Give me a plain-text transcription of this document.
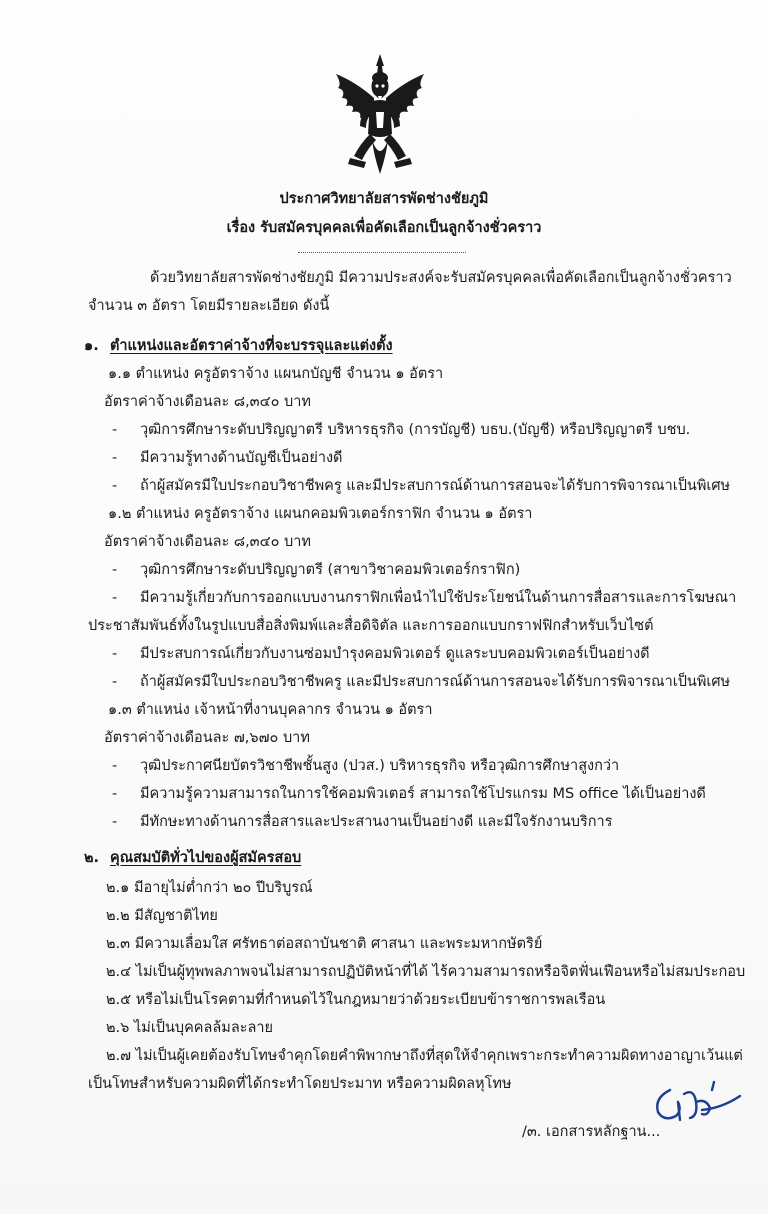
ประกาศวิทยาลัยสารพัดช่างชัยภูมิ
เรื่อง รับสมัครบุคคลเพื่อคัดเลือกเป็นลูกจ้างชั่วคราว
ด้วยวิทยาลัยสารพัดช่างชัยภูมิ มีความประสงค์จะรับสมัครบุคคลเพื่อคัดเลือกเป็นลูกจ้างชั่วคราว
จำนวน ๓ อัตรา โดยมีรายละเอียด ดังนี้
๑. ตำแหน่งและอัตราค่าจ้างที่จะบรรจุและแต่งตั้ง
๑.๑ ตำแหน่ง ครูอัตราจ้าง แผนกบัญชี จำนวน ๑ อัตรา
อัตราค่าจ้างเดือนละ ๘,๓๔๐ บาท
- วุฒิการศึกษาระดับปริญญาตรี บริหารธุรกิจ (การบัญชี) บธบ.(บัญชี) หรือปริญญาตรี บชบ.
- มีความรู้ทางด้านบัญชีเป็นอย่างดี
- ถ้าผู้สมัครมีใบประกอบวิชาชีพครู และมีประสบการณ์ด้านการสอนจะได้รับการพิจารณาเป็นพิเศษ
๑.๒ ตำแหน่ง ครูอัตราจ้าง แผนกคอมพิวเตอร์กราฟิก จำนวน ๑ อัตรา
อัตราค่าจ้างเดือนละ ๘,๓๔๐ บาท
- วุฒิการศึกษาระดับปริญญาตรี (สาขาวิชาคอมพิวเตอร์กราฟิก)
- มีความรู้เกี่ยวกับการออกแบบงานกราฟิกเพื่อนำไปใช้ประโยชน์ในด้านการสื่อสารและการโฆษณา
ประชาสัมพันธ์ทั้งในรูปแบบสื่อสิ่งพิมพ์และสื่อดิจิตัล และการออกแบบกราฟฟิกสำหรับเว็บไซต์
- มีประสบการณ์เกี่ยวกับงานซ่อมบำรุงคอมพิวเตอร์ ดูแลระบบคอมพิวเตอร์เป็นอย่างดี
- ถ้าผู้สมัครมีใบประกอบวิชาชีพครู และมีประสบการณ์ด้านการสอนจะได้รับการพิจารณาเป็นพิเศษ
๑.๓ ตำแหน่ง เจ้าหน้าที่งานบุคลากร จำนวน ๑ อัตรา
อัตราค่าจ้างเดือนละ ๗,๖๗๐ บาท
- วุฒิประกาศนียบัตรวิชาชีพชั้นสูง (ปวส.) บริหารธุรกิจ หรือวุฒิการศึกษาสูงกว่า
- มีความรู้ความสามารถในการใช้คอมพิวเตอร์ สามารถใช้โปรแกรม MS office ได้เป็นอย่างดี
- มีทักษะทางด้านการสื่อสารและประสานงานเป็นอย่างดี และมีใจรักงานบริการ
๒. คุณสมบัติทั่วไปของผู้สมัครสอบ
๒.๑ มีอายุไม่ต่ำกว่า ๒๐ ปีบริบูรณ์
๒.๒ มีสัญชาติไทย
๒.๓ มีความเลื่อมใส ศรัทธาต่อสถาบันชาติ ศาสนา และพระมหากษัตริย์
๒.๔ ไม่เป็นผู้ทุพพลภาพจนไม่สามารถปฏิบัติหน้าที่ได้ ไร้ความสามารถหรือจิตฟั่นเฟือนหรือไม่สมประกอบ
๒.๕ หรือไม่เป็นโรคตามที่กำหนดไว้ในกฎหมายว่าด้วยระเบียบข้าราชการพลเรือน
๒.๖ ไม่เป็นบุคคลล้มละลาย
๒.๗ ไม่เป็นผู้เคยต้องรับโทษจำคุกโดยคำพิพากษาถึงที่สุดให้จำคุกเพราะกระทำความผิดทางอาญาเว้นแต่
เป็นโทษสำหรับความผิดที่ได้กระทำโดยประมาท หรือความผิดลหุโทษ
/๓. เอกสารหลักฐาน...
